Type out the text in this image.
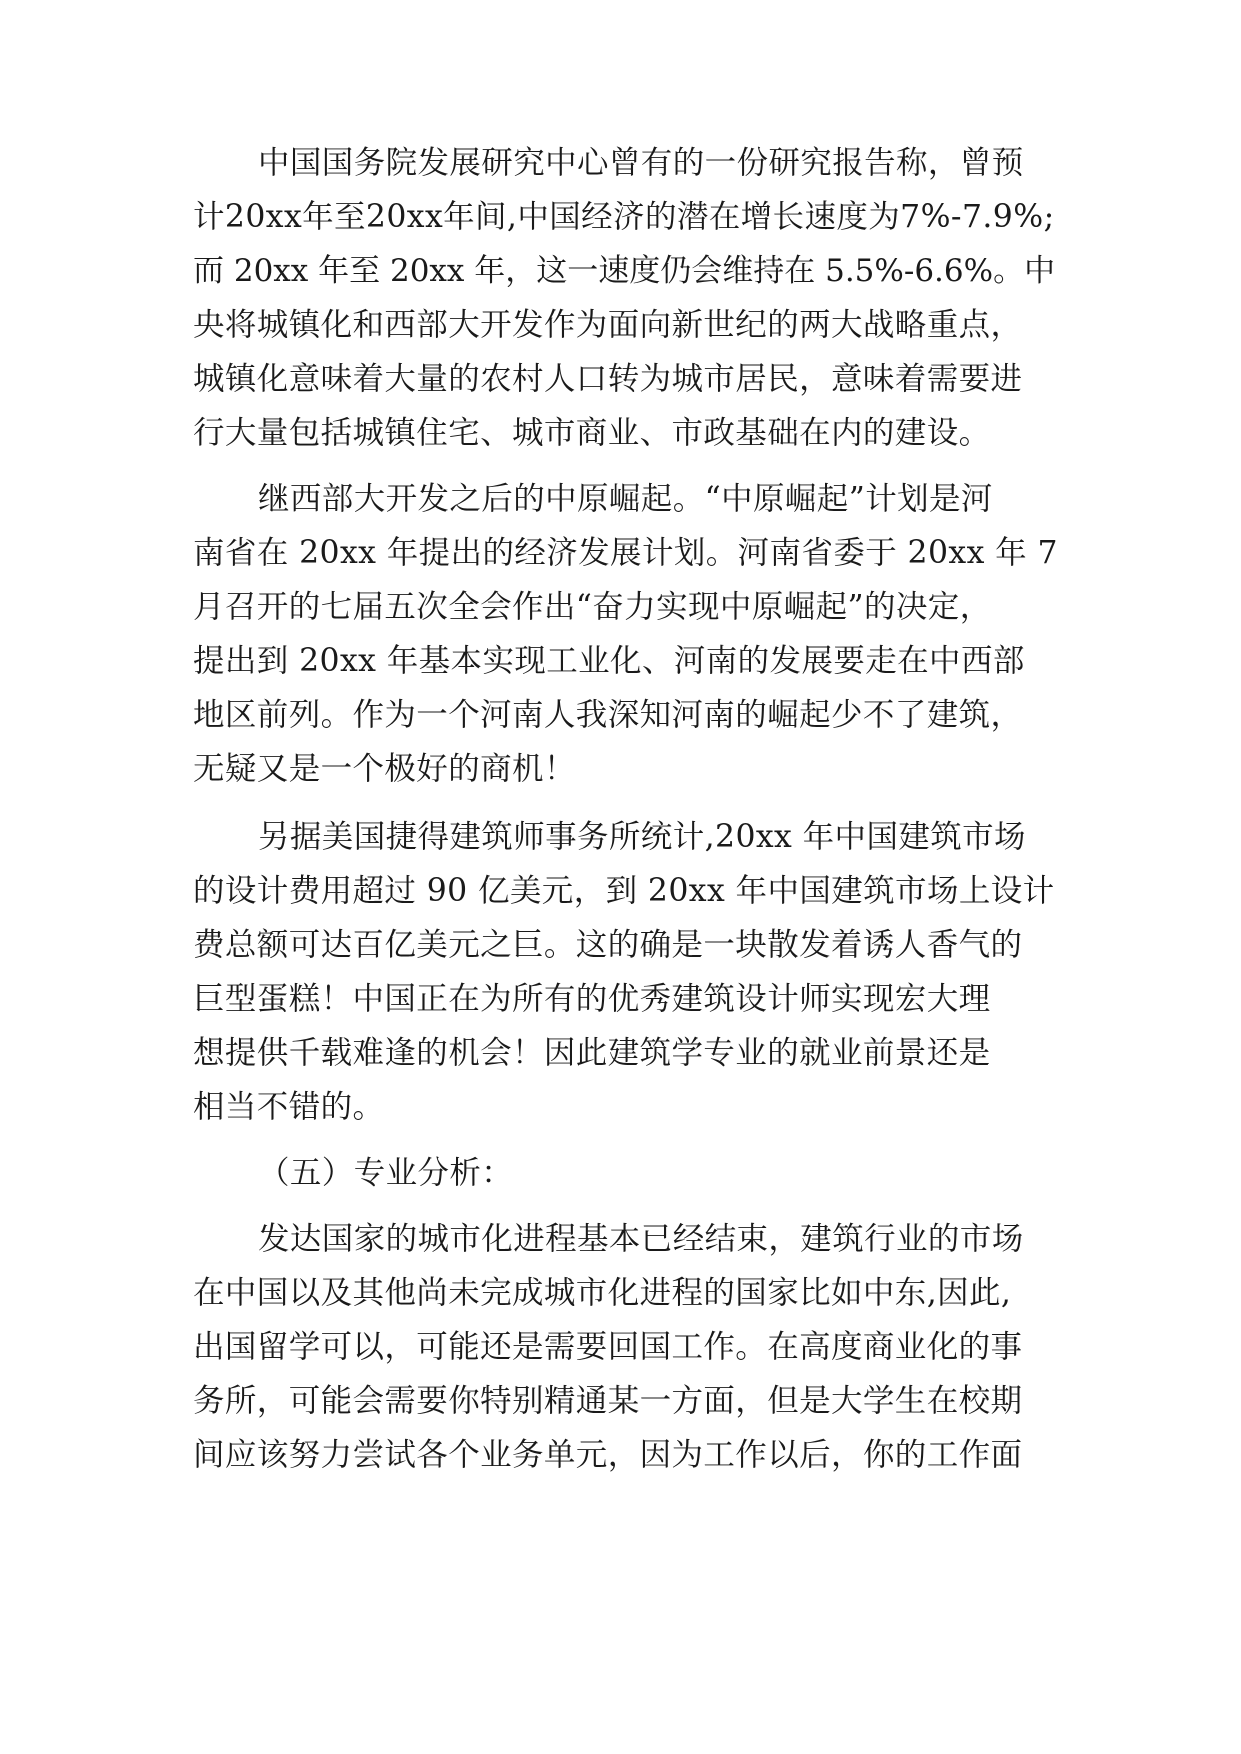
中国国务院发展研究中心曾有的一份研究报告称，曾预
计20xx年至20xx年间,中国经济的潜在增长速度为7%-7.9%;
而 20xx 年至 20xx 年，这一速度仍会维持在 5.5%-6.6%。中
央将城镇化和西部大开发作为面向新世纪的两大战略重点，
城镇化意味着大量的农村人口转为城市居民，意味着需要进
行大量包括城镇住宅、城市商业、市政基础在内的建设。
继西部大开发之后的中原崛起。“中原崛起”计划是河
南省在 20xx 年提出的经济发展计划。河南省委于 20xx 年 7
月召开的七届五次全会作出“奋力实现中原崛起”的决定，
提出到 20xx 年基本实现工业化、河南的发展要走在中西部
地区前列。作为一个河南人我深知河南的崛起少不了建筑，
无疑又是一个极好的商机！
另据美国捷得建筑师事务所统计,20xx 年中国建筑市场
的设计费用超过 90 亿美元，到 20xx 年中国建筑市场上设计
费总额可达百亿美元之巨。这的确是一块散发着诱人香气的
巨型蛋糕！中国正在为所有的优秀建筑设计师实现宏大理
想提供千载难逢的机会！因此建筑学专业的就业前景还是
相当不错的。
（五）专业分析：
发达国家的城市化进程基本已经结束，建筑行业的市场
在中国以及其他尚未完成城市化进程的国家比如中东,因此,
出国留学可以，可能还是需要回国工作。在高度商业化的事
务所，可能会需要你特别精通某一方面，但是大学生在校期
间应该努力尝试各个业务单元，因为工作以后，你的工作面
